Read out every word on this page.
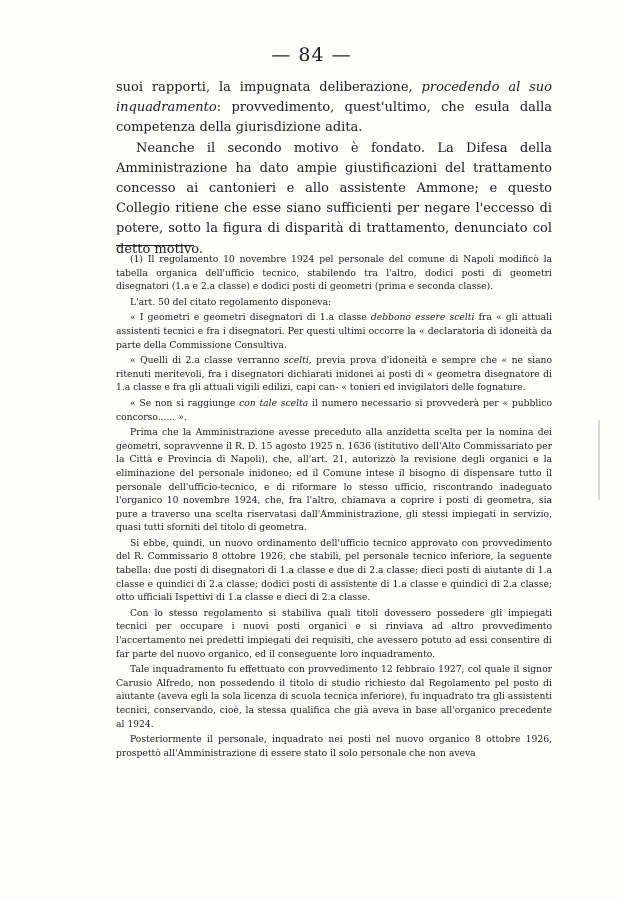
— 84 —

suoi rapporti, la impugnata deliberazione, procedendo al suo inquadramento: provvedimento, quest'ultimo, che esula dalla competenza della giurisdizione adita.

Neanche il secondo motivo è fondato. La Difesa della Amministrazione ha dato ampie giustificazioni del trattamento concesso ai cantonieri e allo assistente Ammone; e questo Collegio ritiene che esse siano sufficienti per negare l'eccesso di potere, sotto la figura di disparità di trattamento, denunciato col detto motivo.

(1) Il regolamento 10 novembre 1924 pel personale del comune di Napoli modificò la tabella organica dell'ufficio tecnico, stabilendo tra l'altro, dodici posti di geometri disegnatori (1.a e 2.a classe) e dodici posti di geometri (prima e seconda classe).

L'art. 50 del citato regolamento disponeva:

« I geometri e geometri disegnatori di 1.a classe debbono essere scelti fra « gli attuali assistenti tecnici e fra i disegnatori. Per questi ultimi occorre la « declaratoria di idoneità da parte della Commissione Consultiva.

« Quelli di 2.a classe verranno scelti, previa prova d'idoneità e sempre che « ne siano ritenuti meritevoli, fra i disegnatori dichiarati inidonei ai posti di « geometra disegnatore di 1.a classe e fra gli attuali vigili edilizi, capi can- « tonieri ed invigilatori delle fognature.

« Se non si raggiunge con tale scelta il numero necessario si provvederà per « pubblico concorso...... ».

Prima che la Amministrazione avesse preceduto alla anzidetta scelta per la nomina dei geometri, sopravvenne il R. D. 15 agosto 1925 n. 1636 (istitutivo dell'Alto Commissariato per la Città e Provincia di Napoli), che, all'art. 21, autorizzò la revisione degli organici e la eliminazione del personale inidoneo; ed il Comune intese il bisogno di dispensare tutto il personale dell'ufficio-tecnico, e di riformare lo stesso ufficio, riscontrando inadeguato l'organico 10 novembre 1924, che, fra l'altro, chiamava a coprire i posti di geometra, sia pure a traverso una scelta riservatasi dall'Amministrazione, gli stessi impiegati in servizio, quasi tutti sforniti del titolo di geometra.

Si ebbe, quindi, un nuovo ordinamento dell'ufficio tecnico approvato con provvedimento del R. Commissario 8 ottobre 1926, che stabilì, pel personale tecnico inferiore, la seguente tabella: due posti di disegnatori di 1.a classe e due di 2.a classe; dieci posti di aiutante di 1.a classe e quindici di 2.a classe; dodici posti di assistente di 1.a classe e quindici di 2.a classe; otto ufficiali Ispettivi di 1.a classe e dieci di 2.a classe.

Con lo stesso regolamento si stabiliva quali titoli dovessero possedere gli impiegati tecnici per occupare i nuovi posti organici e si rinviava ad altro provvedimento l'accertamento nei predetti impiegati dei requisiti, che avessero potuto ad essi consentire di far parte del nuovo organico, ed il conseguente loro inquadramento.

Tale inquadramento fu effettuato con provvedimento 12 febbraio 1927, col quale il signor Carusio Alfredo, non possedendo il titolo di studio richiesto dal Regolamento pel posto di aiutante (aveva egli la sola licenza di scuola tecnica inferiore), fu inquadrato tra gli assistenti tecnici, conservando, cioè, la stessa qualifica che già aveva in base all'organico precedente al 1924.

Posteriormente il personale, inquadrato nei posti nel nuovo organico 8 ottobre 1926, prospettò all'Amministrazione di essere stato il solo personale che non aveva
